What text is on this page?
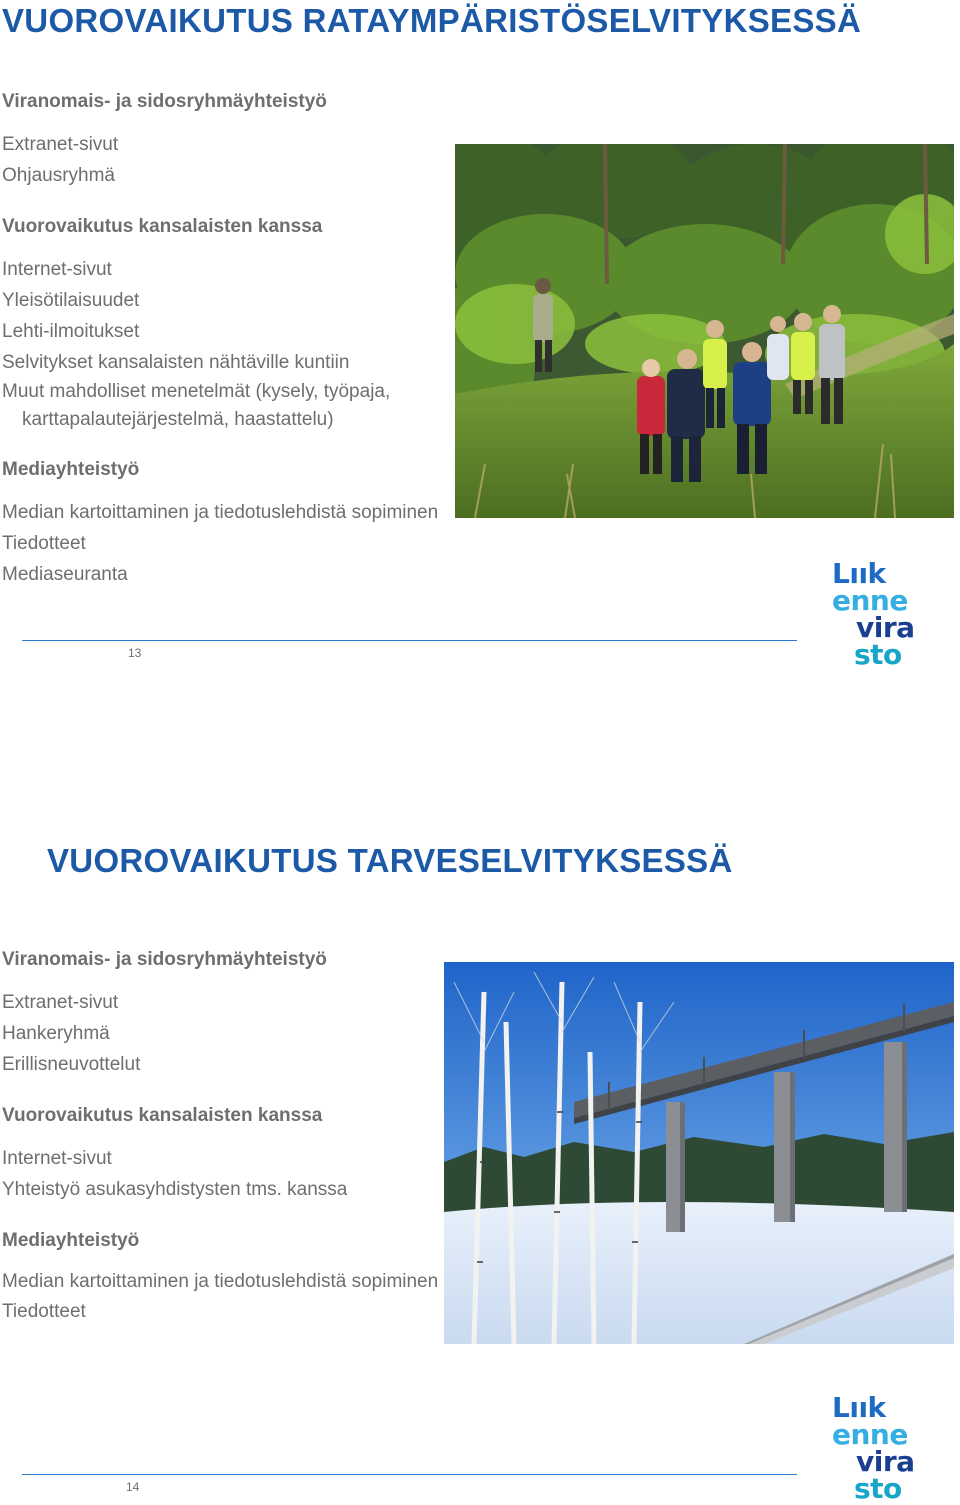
VUOROVAIKUTUS RATAYMPÄRISTÖSELVITYKSESSÄ
Viranomais- ja sidosryhmäyhteistyö
Extranet-sivut
Ohjausryhmä
Vuorovaikutus kansalaisten kanssa
Internet-sivut
Yleisötilaisuudet
Lehti-ilmoitukset
Selvitykset kansalaisten nähtäville kuntiin
Muut mahdolliset menetelmät (kysely, työpaja, karttapalautejärjestelmä, haastattelu)
Mediayhteistyö
Median kartoittaminen ja tiedotuslehdistä sopiminen
Tiedotteet
Mediaseuranta	Lıık
enne
vira
sto
13
VUOROVAIKUTUS TARVESELVITYKSESSÄ
Viranomais- ja sidosryhmäyhteistyö
Extranet-sivut
Hankeryhmä
Erillisneuvottelut
Vuorovaikutus kansalaisten kanssa
Internet-sivut
Yhteistyö asukasyhdistysten tms. kanssa
Mediayhteistyö
Median kartoittaminen ja tiedotuslehdistä sopiminen
Tiedotteet
Lıık
enne
vira
sto
14
